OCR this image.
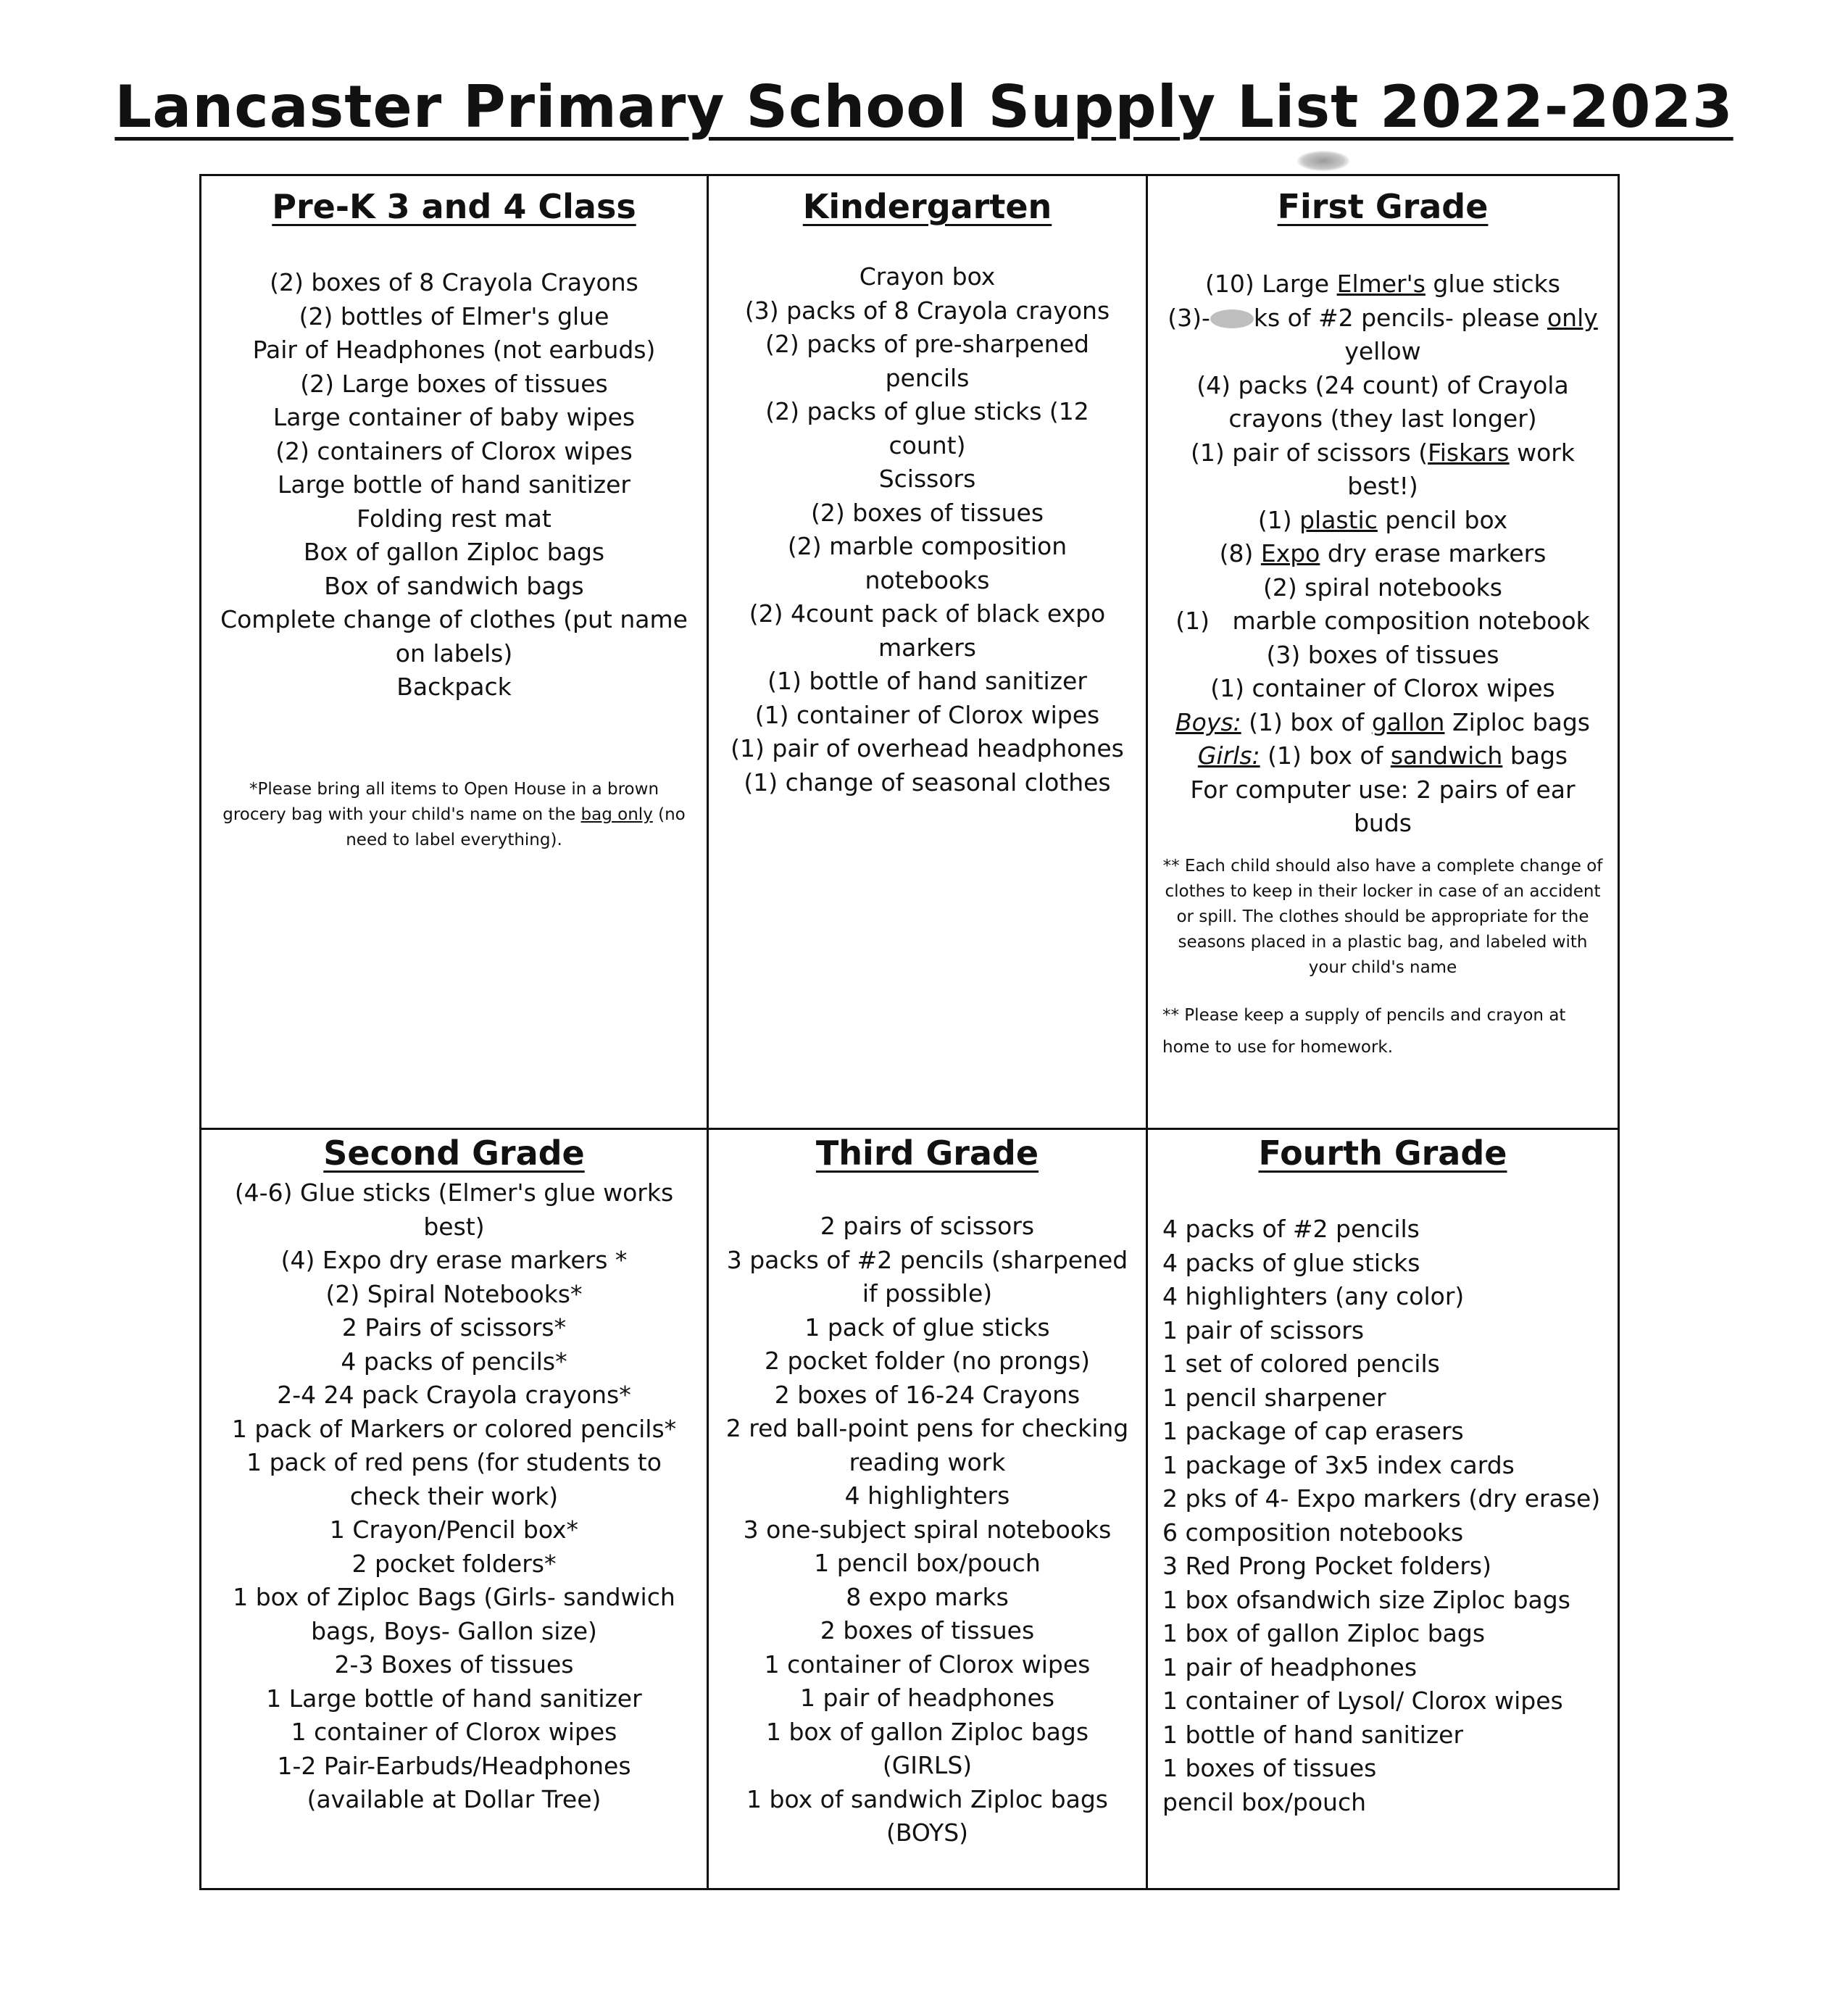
Lancaster Primary School Supply List 2022-2023
Pre-K 3 and 4 Class
(2) boxes of 8 Crayola Crayons
(2) bottles of Elmer's glue
Pair of Headphones (not earbuds)
(2) Large boxes of tissues
Large container of baby wipes
(2) containers of Clorox wipes
Large bottle of hand sanitizer
Folding rest mat
Box of gallon Ziploc bags
Box of sandwich bags
Complete change of clothes (put name on labels)
Backpack

*Please bring all items to Open House in a brown grocery bag with your child's name on the bag only (no need to label everything).

Kindergarten
Crayon box
(3) packs of 8 Crayola crayons
(2) packs of pre-sharpened pencils
(2) packs of glue sticks (12 count)
Scissors
(2) boxes of tissues
(2) marble composition notebooks
(2) 4count pack of black expo markers
(1) bottle of hand sanitizer
(1) container of Clorox wipes
(1) pair of overhead headphones
(1) change of seasonal clothes
First Grade
(10) Large Elmer's glue sticks
(3)- ks of #2 pencils- please only yellow
(4) packs (24 count) of Crayola crayons (they last longer)
(1) pair of scissors (Fiskars work best!)
(1) plastic pencil box
(8) Expo dry erase markers
(2) spiral notebooks
(1)   marble composition notebook
(3) boxes of tissues
(1) container of Clorox wipes
Boys: (1) box of gallon Ziploc bags
Girls: (1) box of sandwich bags
For computer use: 2 pairs of ear buds

** Each child should also have a complete change of clothes to keep in their locker in case of an accident or spill. The clothes should be appropriate for the seasons placed in a plastic bag, and labeled with your child's name

** Please keep a supply of pencils and crayon at home to use for homework.

Second Grade
(4-6) Glue sticks (Elmer's glue works best)
(4) Expo dry erase markers *
(2) Spiral Notebooks*
2 Pairs of scissors*
4 packs of pencils*
2-4 24 pack Crayola crayons*
1 pack of Markers or colored pencils*
1 pack of red pens (for students to check their work)
1 Crayon/Pencil box*
2 pocket folders*
1 box of Ziploc Bags (Girls- sandwich bags, Boys- Gallon size)
2-3 Boxes of tissues
1 Large bottle of hand sanitizer
1 container of Clorox wipes
1-2 Pair-Earbuds/Headphones (available at Dollar Tree)
Third Grade
2 pairs of scissors
3 packs of #2 pencils (sharpened if possible)
1 pack of glue sticks
2 pocket folder (no prongs)
2 boxes of 16-24 Crayons
2 red ball-point pens for checking reading work
4 highlighters
3 one-subject spiral notebooks
1 pencil box/pouch
8 expo marks
2 boxes of tissues
1 container of Clorox wipes
1 pair of headphones
1 box of gallon Ziploc bags (GIRLS)
1 box of sandwich Ziploc bags (BOYS)
Fourth Grade
4 packs of #2 pencils
4 packs of glue sticks
4 highlighters (any color)
1 pair of scissors
1 set of colored pencils
1 pencil sharpener
1 package of cap erasers
1 package of 3x5 index cards
2 pks of 4- Expo markers (dry erase)
6 composition notebooks
3 Red Prong Pocket folders)
1 box ofsandwich size Ziploc bags
1 box of gallon Ziploc bags
1 pair of headphones
1 container of Lysol/ Clorox wipes
1 bottle of hand sanitizer
1 boxes of tissues
pencil box/pouch
